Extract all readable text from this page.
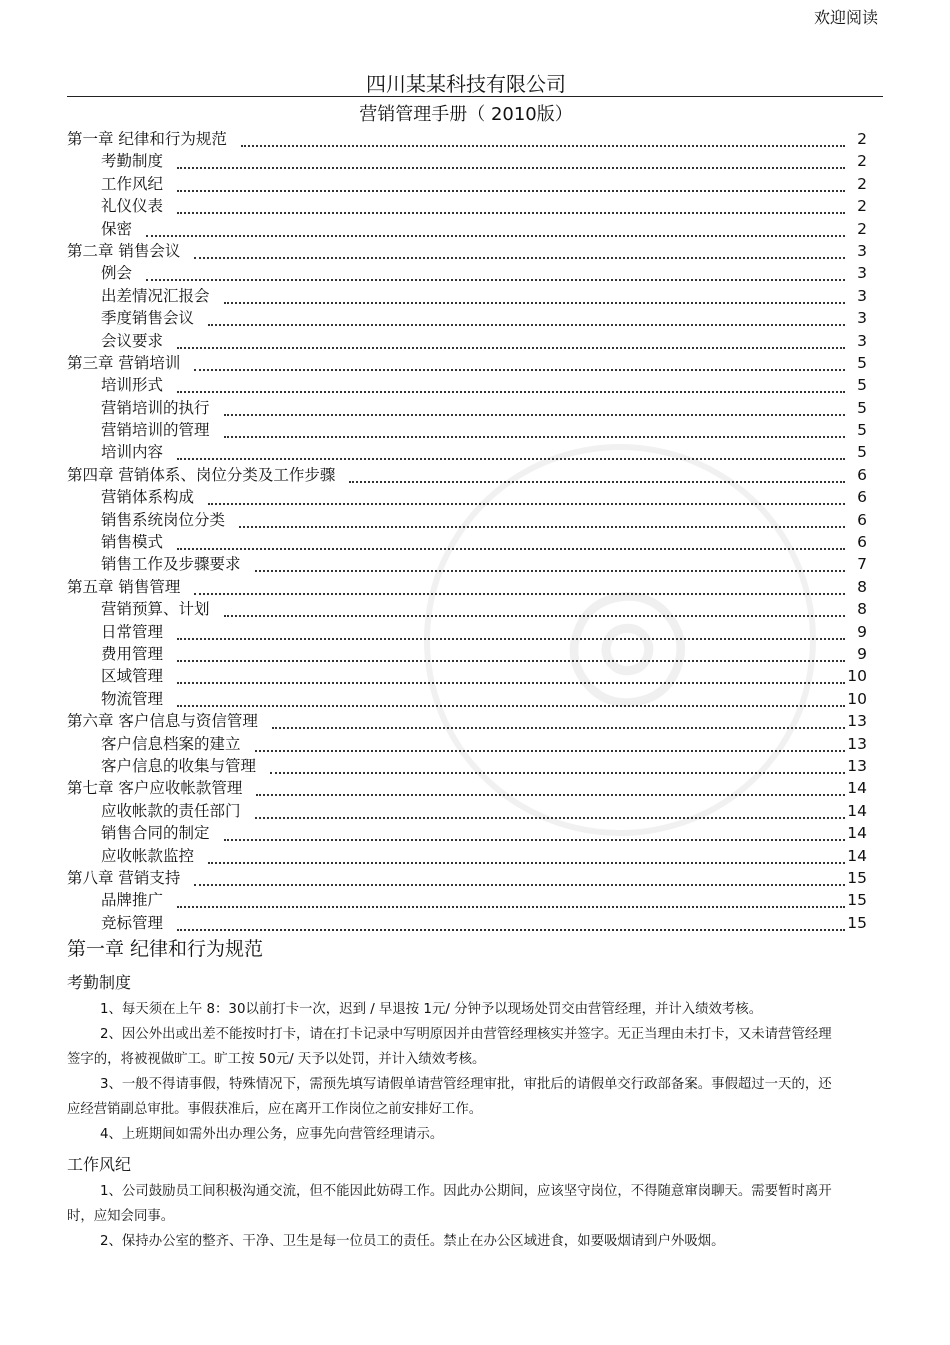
◎
欢迎阅读
四川某某科技有限公司
营销管理手册（ 2010版）
第一章 纪律和行为规范	2
考勤制度	2
工作风纪	2
礼仪仪表	2
保密	2
第二章 销售会议	3
例会	3
出差情况汇报会	3
季度销售会议	3
会议要求	3
第三章 营销培训	5
培训形式	5
营销培训的执行	5
营销培训的管理	5
培训内容	5
第四章 营销体系、岗位分类及工作步骤	6
营销体系构成	6
销售系统岗位分类	6
销售模式	6
销售工作及步骤要求	7
第五章 销售管理	8
营销预算、计划	8
日常管理	9
费用管理	9
区域管理	10
物流管理	10
第六章 客户信息与资信管理	13
客户信息档案的建立	13
客户信息的收集与管理	13
第七章 客户应收帐款管理	14
应收帐款的责任部门	14
销售合同的制定	14
应收帐款监控	14
第八章 营销支持	15
品牌推广	15
竞标管理	15
第一章 纪律和行为规范
考勤制度

1、每天须在上午 8：30以前打卡一次，迟到 / 早退按 1元/ 分钟予以现场处罚交由营管经理，并计入绩效考核。

2、因公外出或出差不能按时打卡，请在打卡记录中写明原因并由营管经理核实并签字。无正当理由未打卡，又未请营管经理签字的，将被视做旷工。旷工按 50元/ 天予以处罚，并计入绩效考核。

3、一般不得请事假，特殊情况下，需预先填写请假单请营管经理审批，审批后的请假单交行政部备案。事假超过一天的，还应经营销副总审批。事假获准后，应在离开工作岗位之前安排好工作。

4、上班期间如需外出办理公务，应事先向营管经理请示。

工作风纪

1、公司鼓励员工间积极沟通交流，但不能因此妨碍工作。因此办公期间，应该坚守岗位，不得随意窜岗聊天。需要暂时离开时，应知会同事。

2、保持办公室的整齐、干净、卫生是每一位员工的责任。禁止在办公区域进食，如要吸烟请到户外吸烟。
